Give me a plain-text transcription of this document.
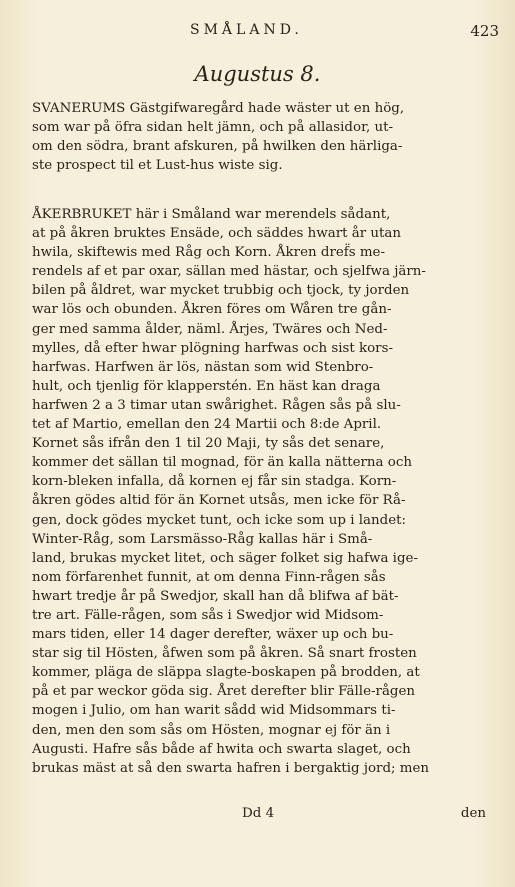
SMÅLAND.	423
Augustus 8.
SVANERUMS Gästgifwaregård hade wäster ut en hög,
som war på öfra sidan helt jämn, och på allasidor, ut-
om den södra, brant afskuren, på hwilken den härliga-
ste prospect til et Lust-hus wiste sig.
ÅKERBRUKET här i Småland war merendels sådant,
at på åkren bruktes Ensäde, och säddes hwart år utan
hwila, skiftewis med Råg och Korn. Åkren dref̈s me-
rendels af et par oxar, sällan med hästar, och sjelfwa järn-
bilen på åldret, war mycket trubbig och tjock, ty jorden
war lös och obunden. Åkren föres om Wåren tre gån-
ger med samma ålder, näml. Årjes, Twäres och Ned-
mylles, då efter hwar plögning harfwas och sist kors-
harfwas. Harfwen är lös, nästan som wid Stenbro-
hult, och tjenlig för klapperstén. En häst kan draga
harfwen 2 a 3 timar utan swårighet. Rågen sås på slu-
tet af Martio, emellan den 24 Martii och 8:de April.
Kornet sås ifrån den 1 til 20 Maji, ty sås det senare,
kommer det sällan til mognad, för än kalla nätterna och
korn-bleken infalla, då kornen ej får sin stadga. Korn-
åkren gödes altid för än Kornet utsås, men icke för Rå-
gen, dock gödes mycket tunt, och icke som up i landet:
Winter-Råg, som Larsmässo-Råg kallas här i Små-
land, brukas mycket litet, och säger folket sig hafwa ige-
nom förfarenhet funnit, at om denna Finn-rågen sås
hwart tredje år på Swedjor, skall han då blifwa af bät-
tre art. Fälle-rågen, som sås i Swedjor wid Midsom-
mars tiden, eller 14 dager derefter, wäxer up och bu-
star sig til Hösten, åfwen som på åkren. Så snart frosten
kommer, pläga de släppa slagte-boskapen på brodden, at
på et par weckor göda sig. Året derefter blir Fälle-rågen
mogen i Julio, om han warit sådd wid Midsommars ti-
den, men den som sås om Hösten, mognar ej för än i
Augusti. Hafre sås både af hwita och swarta slaget, och
brukas mäst at så den swarta hafren i bergaktig jord; men
Dd 4	den
